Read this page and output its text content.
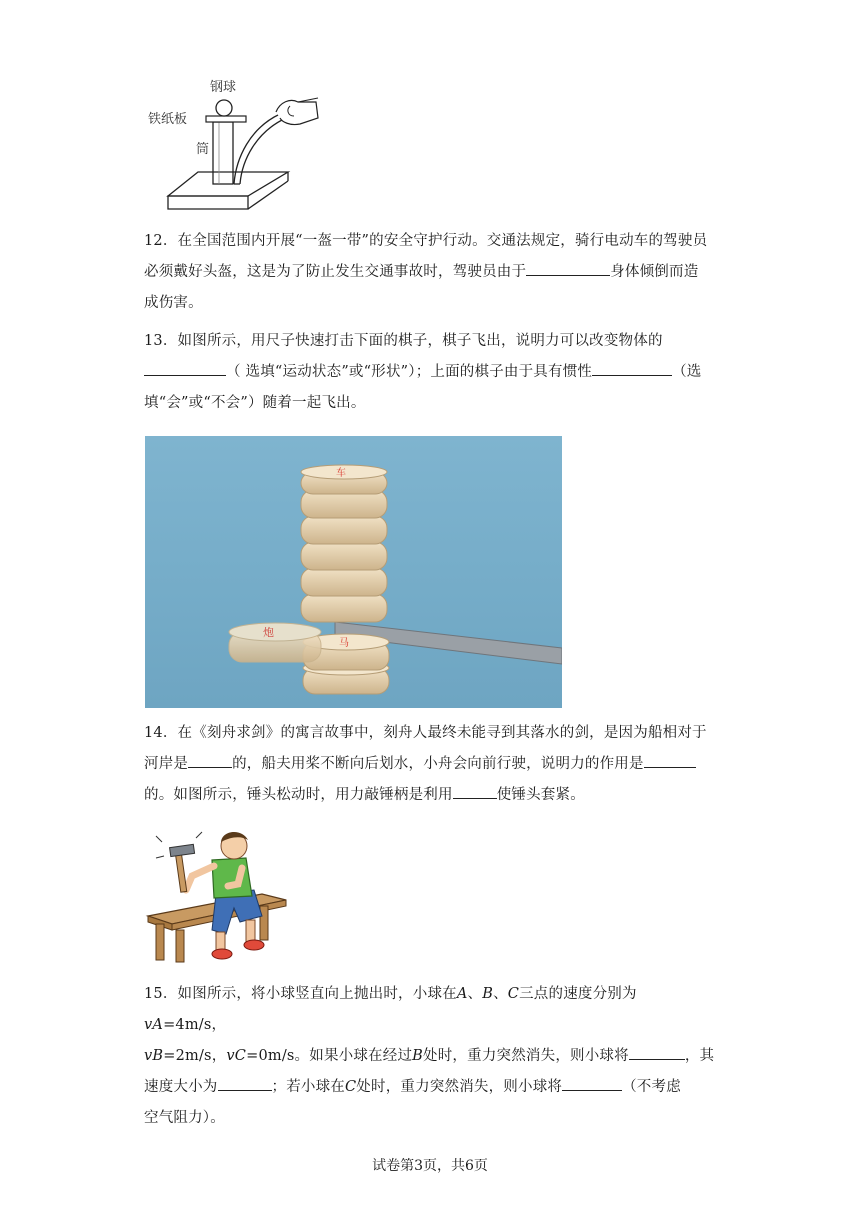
钢球
铁纸板
筒

12．在全国范围内开展“一盔一带”的安全守护行动。交通法规定，骑行电动车的驾驶员

必须戴好头盔，这是为了防止发生交通事故时，驾驶员由于	身体倾倒而造

成伤害。

13．如图所示，用尺子快速打击下面的棋子，棋子飞出，说明力可以改变物体的

（ 选填“运动状态”或“形状”）；上面的棋子由于具有惯性	（选

填“会”或“不会”）随着一起飞出。

马
车
炮

14．在《刻舟求剑》的寓言故事中，刻舟人最终未能寻到其落水的剑，是因为船相对于

河岸是	的，船夫用桨不断向后划水，小舟会向前行驶，说明力的作用是

的。如图所示，锤头松动时，用力敲锤柄是利用	使锤头套紧。

15．如图所示，将小球竖直向上抛出时，小球在A、B、C三点的速度分别为vA=4m/s，

vB=2m/s，vC=0m/s。如果小球在经过B处时，重力突然消失，则小球将	，其

速度大小为	；若小球在C处时，重力突然消失，则小球将	（不考虑

空气阻力）。

试卷第3页，共6页
